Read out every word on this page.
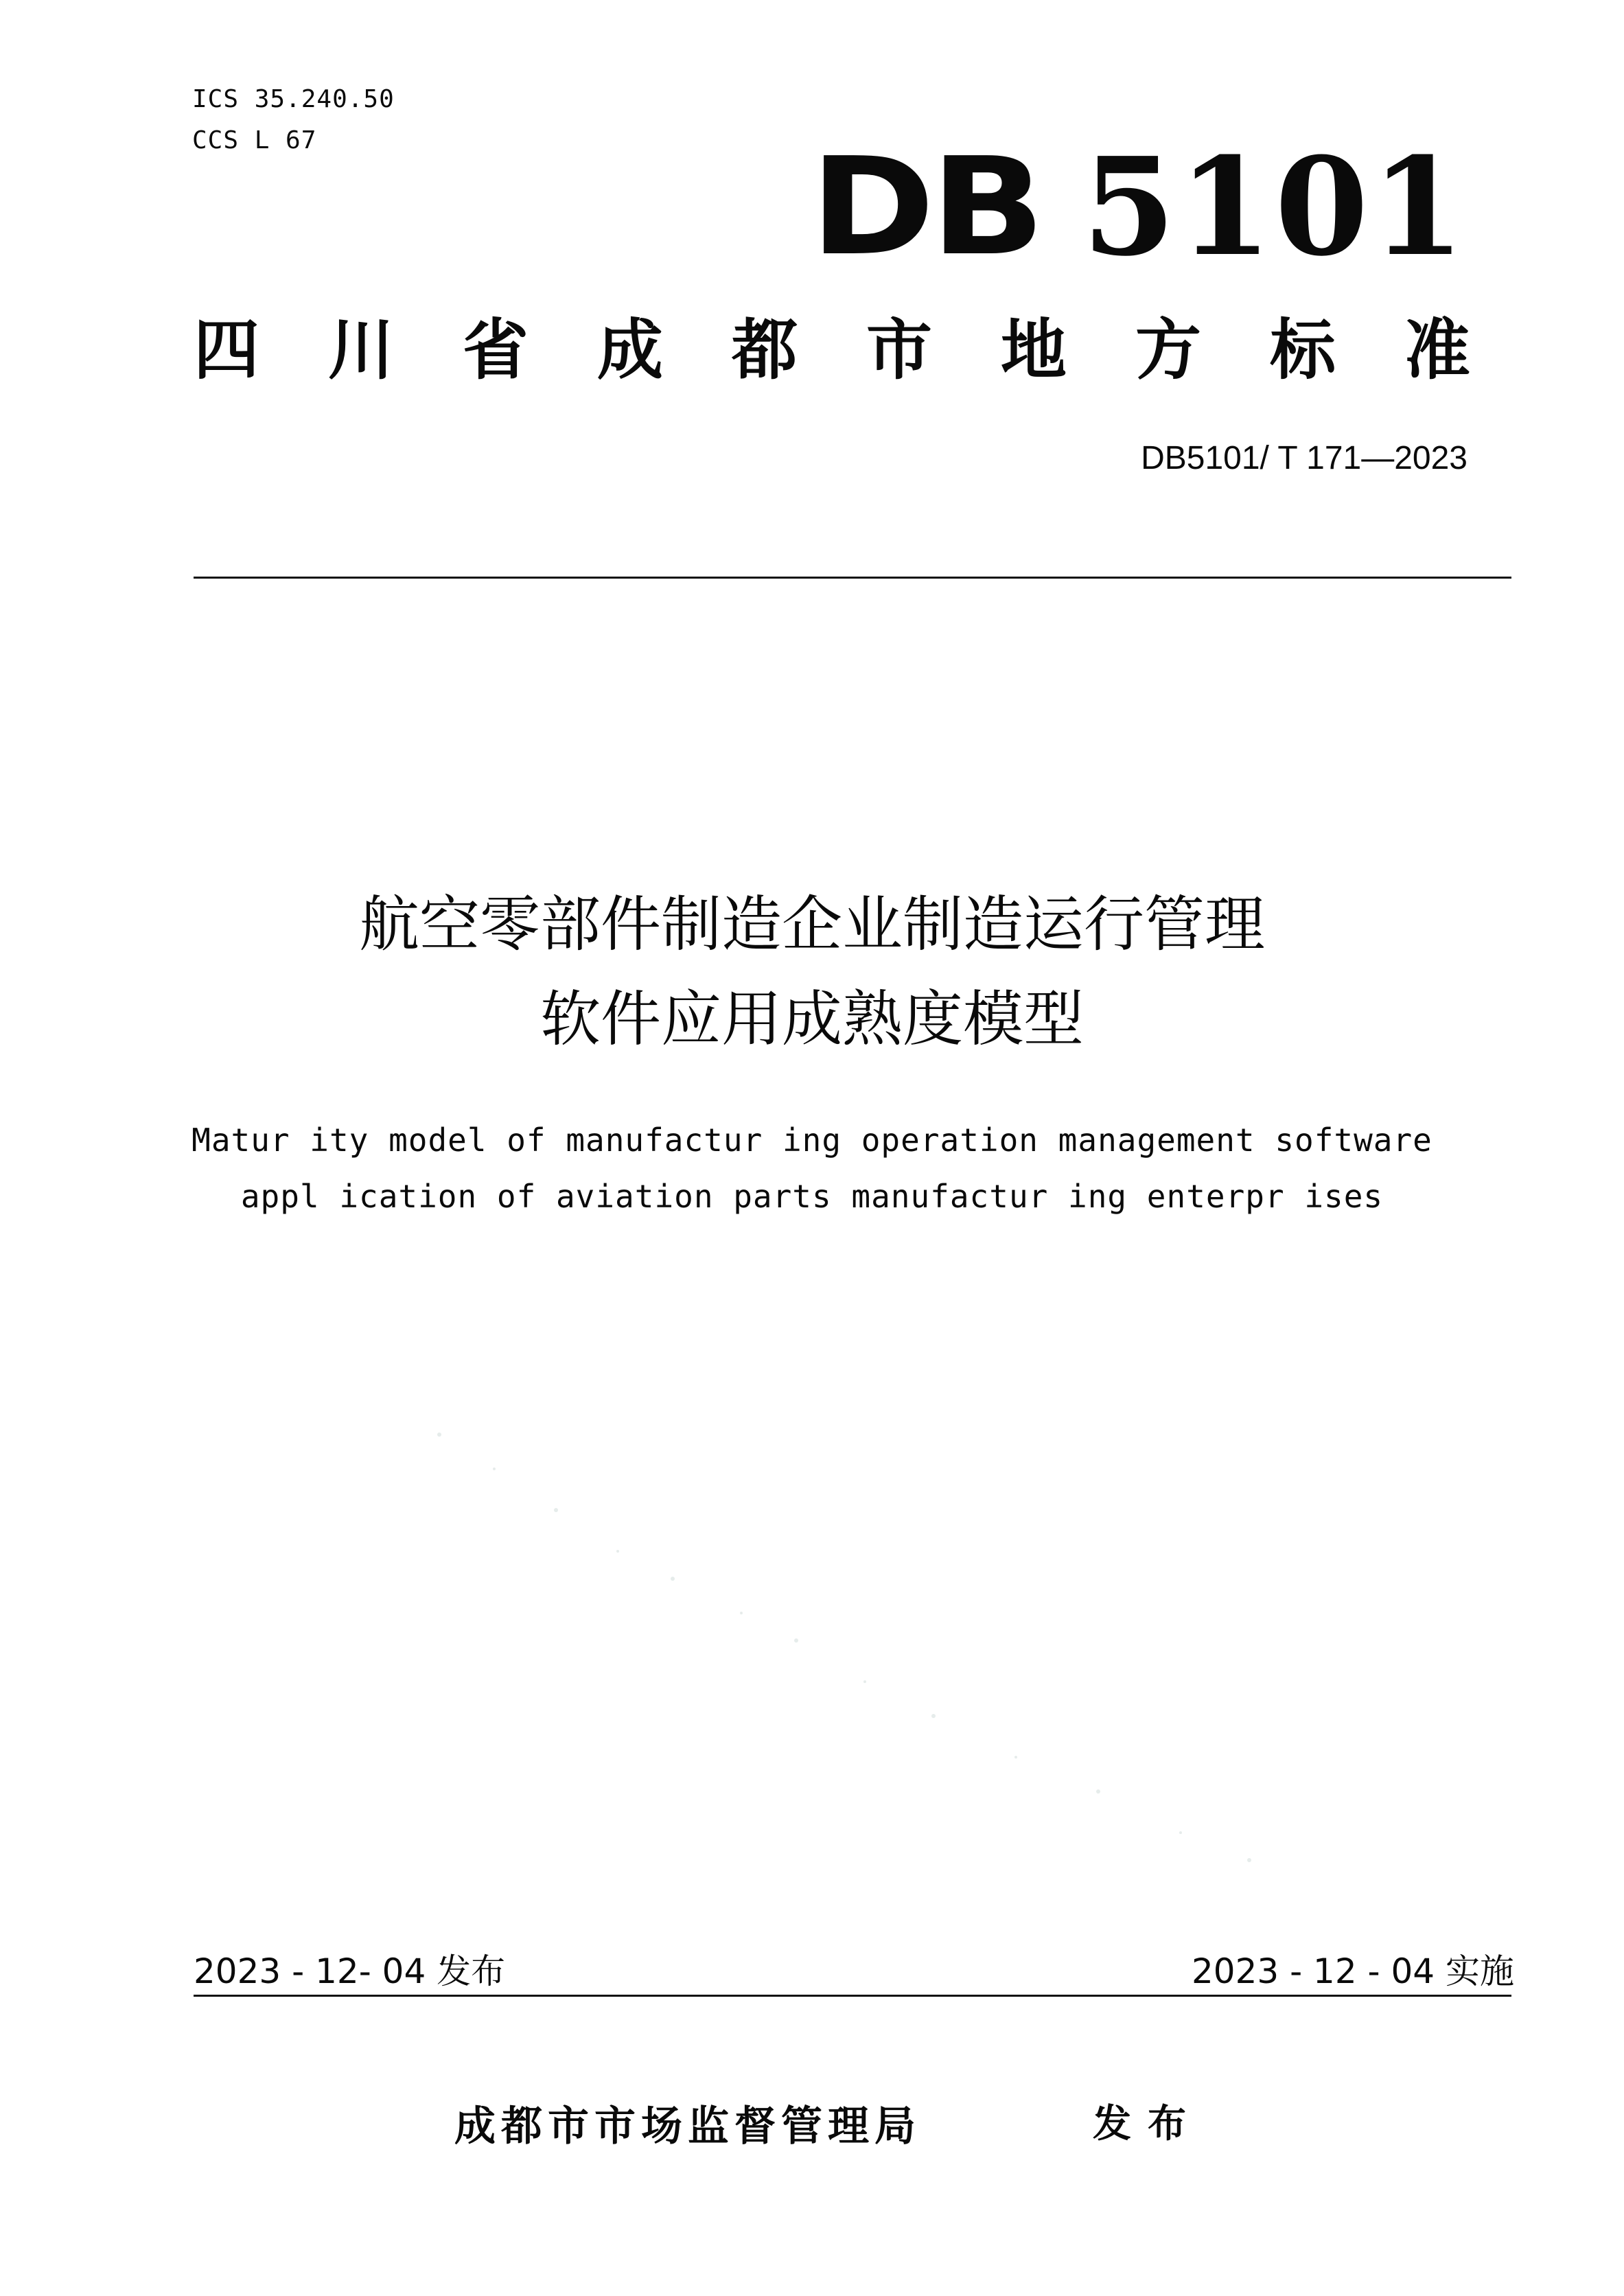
ICS 35.240.50
CCS L 67	DB 5101
四 川 省 成 都 市 地 方 标 准
DB5101/ T 171—2023
航空零部件制造企业制造运行管理
软件应用成熟度模型
Matur ity model of manufactur ing operation management software
appl ication of aviation parts manufactur ing enterpr ises
2023 - 12- 04 发布	2023 - 12 - 04 实施
成都市市场监督管理局	发布
